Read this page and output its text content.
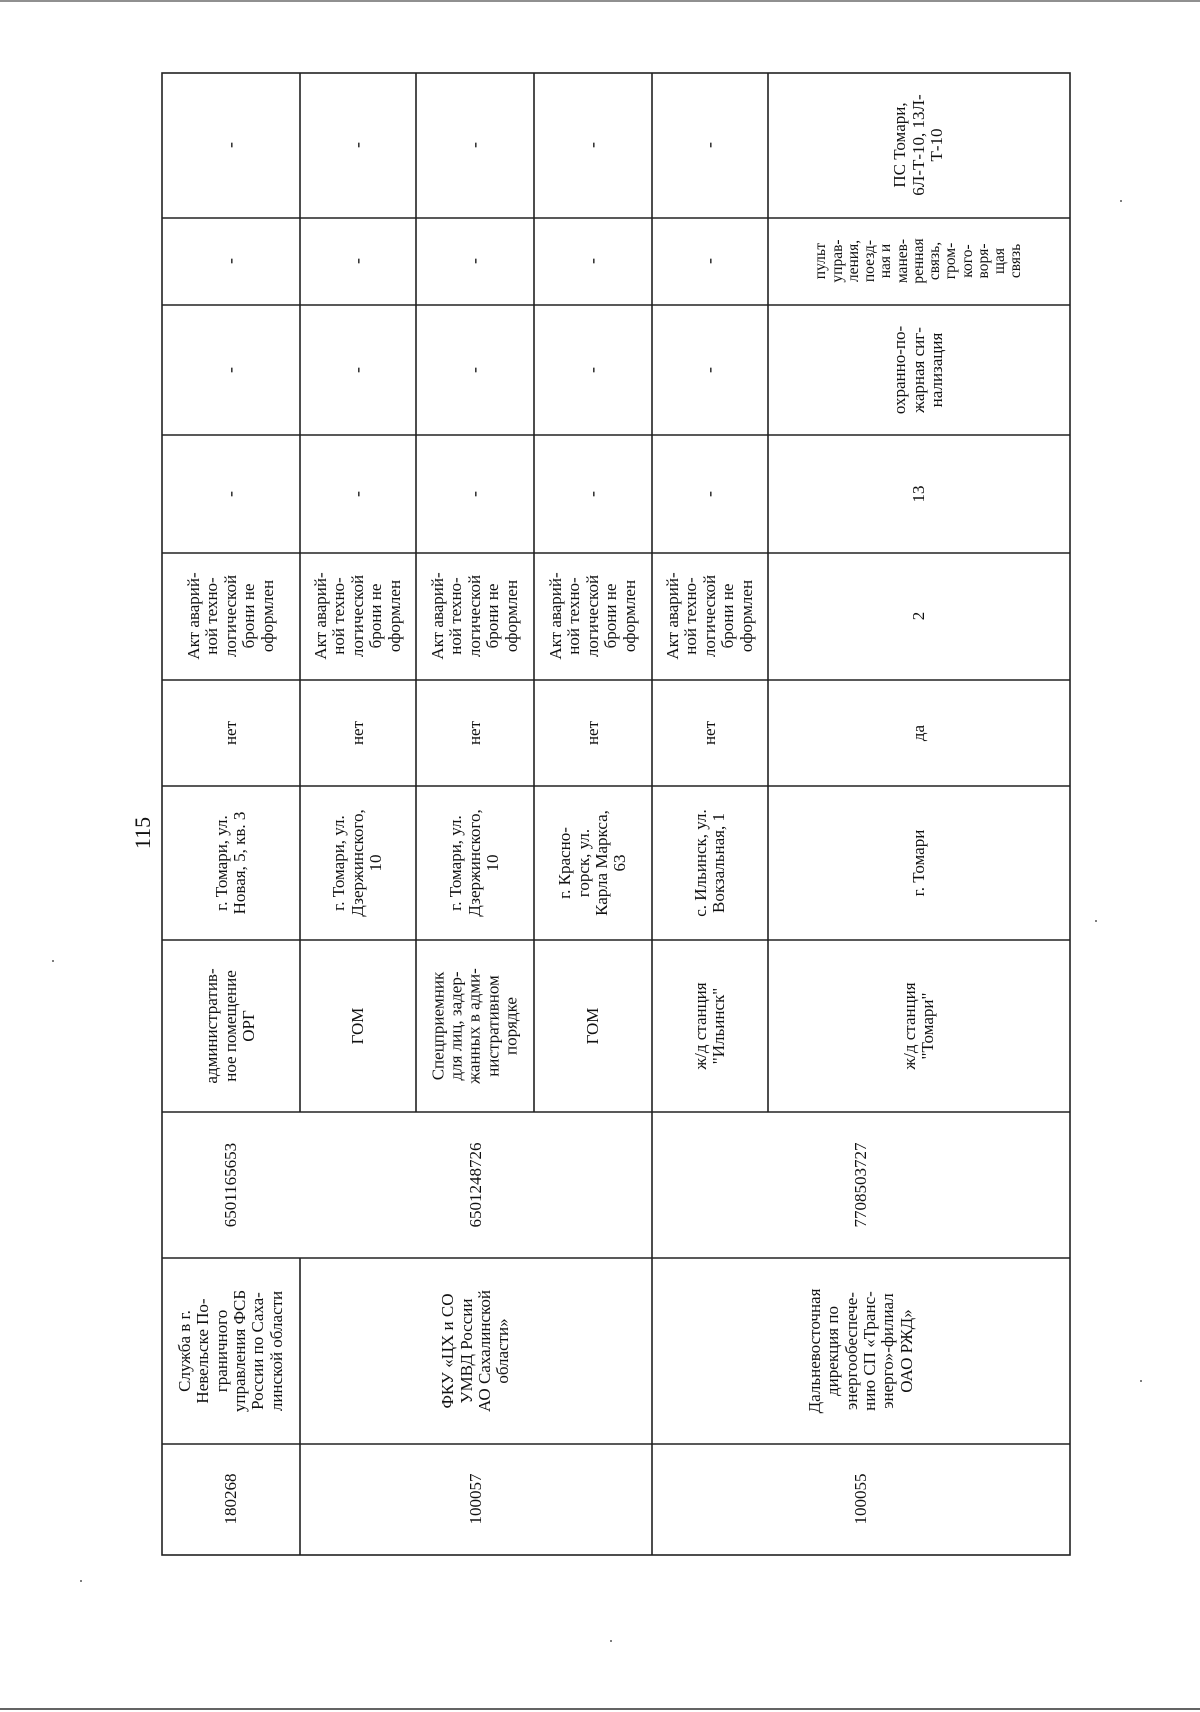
115
180268
Служба в г.
Невельске По-
граничного
управления ФСБ
России по Саха-
линской области
6501165653
административ-
ное помещение
ОРГ
г. Томари, ул.
Новая, 5, кв. 3
нет
Акт аварий-
ной техно-
логической
брони не
оформлен
-
-
-
-
ГОМ
г. Томари, ул.
Дзержинского,
10
нет
Акт аварий-
ной техно-
логической
брони не
оформлен
-
-
-
-
100057
ФКУ «ЦХ и СО
УМВД России
АО Сахалинской
области»
6501248726
Спецприемник
для лиц, задер-
жанных в адми-
нистративном
порядке
г. Томари, ул.
Дзержинского,
10
нет
Акт аварий-
ной техно-
логической
брони не
оформлен
-
-
-
-
ГОМ
г. Красно-
горск, ул.
Карла Маркса,
63
нет
Акт аварий-
ной техно-
логической
брони не
оформлен
-
-
-
-
ж/д станция
"Ильинск"
с. Ильинск, ул.
Вокзальная, 1
нет
Акт аварий-
ной техно-
логической
брони не
оформлен
-
-
-
-
100055
Дальневосточная
дирекция по
энергообеспече-
нию СП «Транс-
энерго»-филиал
ОАО РЖД»
7708503727
ж/д станция
"Томари"
г. Томари
да
2
13
охранно-по-
жарная сиг-
нализация
пульт
управ-
ления,
поезд-
ная и
манев-
ренная
связь,
гром-
кого-
воря-
щая
связь
ПС Томари,
6Л-Т-10, 13Л-
Т-10
